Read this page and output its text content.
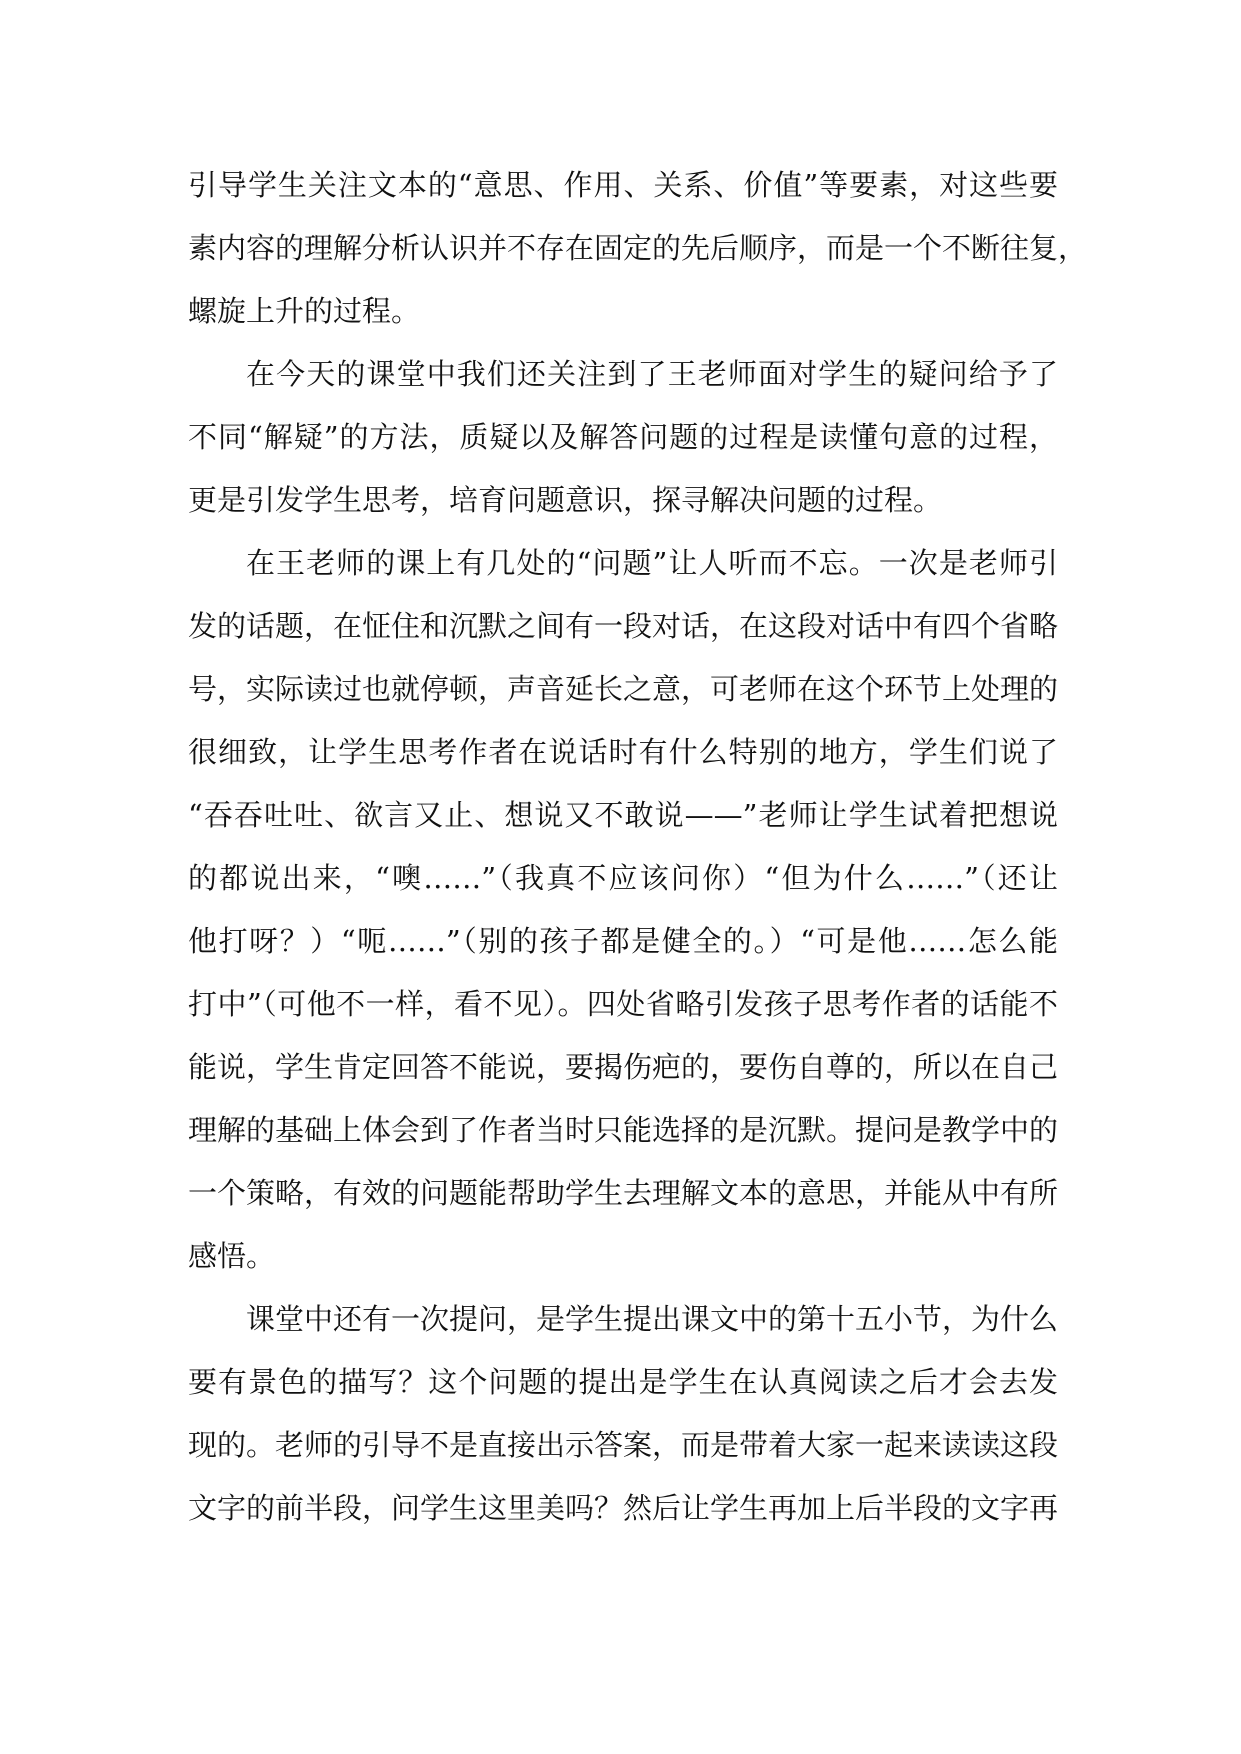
引导学生关注文本的“意思、作用、关系、价值”等要素，对这些要
素内容的理解分析认识并不存在固定的先后顺序，而是一个不断往复，
螺旋上升的过程。
在今天的课堂中我们还关注到了王老师面对学生的疑问给予了
不同“解疑”的方法，质疑以及解答问题的过程是读懂句意的过程，
更是引发学生思考，培育问题意识，探寻解决问题的过程。
在王老师的课上有几处的“问题”让人听而不忘。一次是老师引
发的话题，在怔住和沉默之间有一段对话，在这段对话中有四个省略
号，实际读过也就停顿，声音延长之意，可老师在这个环节上处理的
很细致，让学生思考作者在说话时有什么特别的地方，学生们说了
“吞吞吐吐、欲言又止、想说又不敢说——”老师让学生试着把想说
的都说出来，“噢……”（我真不应该问你）“但为什么……”（还让
他打呀？）“呃……”（别的孩子都是健全的。）“可是他……怎么能
打中”（可他不一样，看不见）。四处省略引发孩子思考作者的话能不
能说，学生肯定回答不能说，要揭伤疤的，要伤自尊的，所以在自己
理解的基础上体会到了作者当时只能选择的是沉默。提问是教学中的
一个策略，有效的问题能帮助学生去理解文本的意思，并能从中有所
感悟。
课堂中还有一次提问，是学生提出课文中的第十五小节，为什么
要有景色的描写？这个问题的提出是学生在认真阅读之后才会去发
现的。老师的引导不是直接出示答案，而是带着大家一起来读读这段
文字的前半段，问学生这里美吗？然后让学生再加上后半段的文字再
